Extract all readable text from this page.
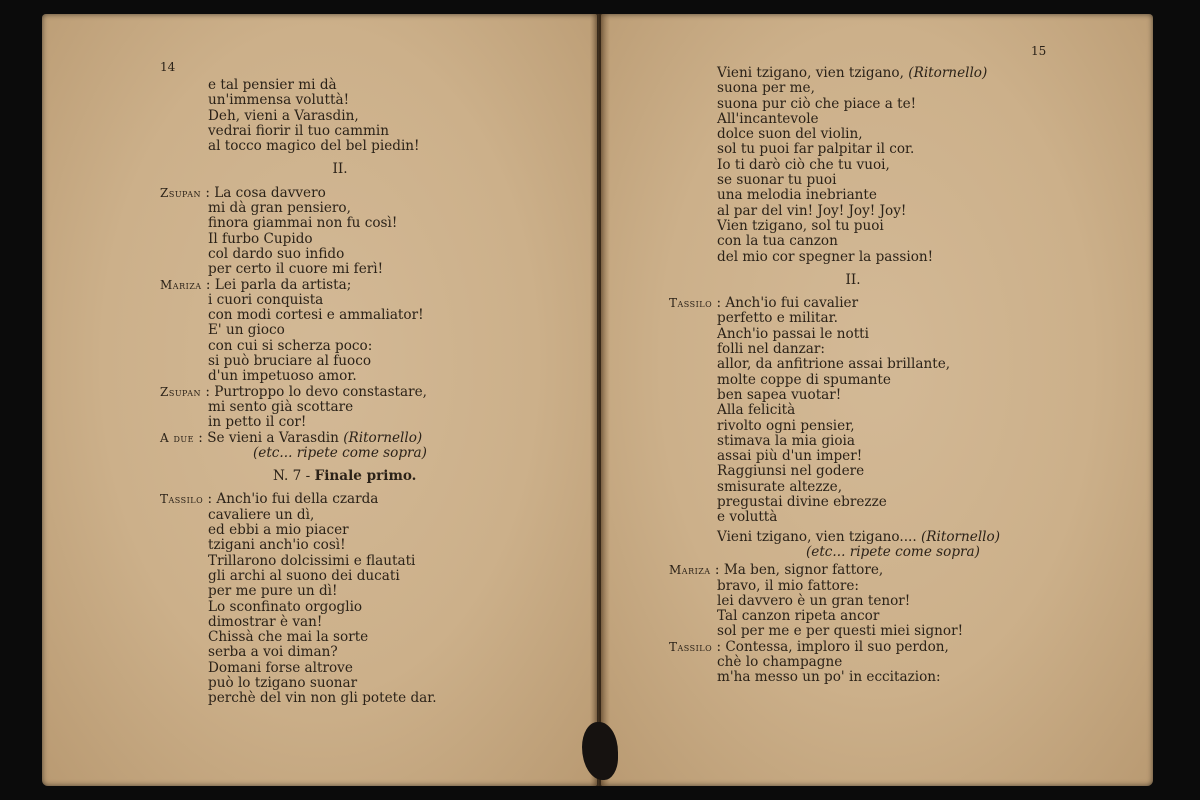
14
e tal pensier mi dà
un'immensa voluttà!
Deh, vieni a Varasdin,
vedrai fiorir il tuo cammin
al tocco magico del bel piedin!
II.
Zsupan : La cosa davvero
mi dà gran pensiero,
finora giammai non fu così!
Il furbo Cupido
col dardo suo infido
per certo il cuore mi ferì!
Mariza : Lei parla da artista;
i cuori conquista
con modi cortesi e ammaliator!
E' un gioco
con cui si scherza poco:
si può bruciare al fuoco
d'un impetuoso amor.
Zsupan : Purtroppo lo devo constastare,
mi sento già scottare
in petto il cor!
A due : Se vieni a Varasdin (Ritornello)
(etc... ripete come sopra)
N. 7 - Finale primo.
Tassilo : Anch'io fui della czarda
cavaliere un dì,
ed ebbi a mio piacer
tzigani anch'io così!
Trillarono dolcissimi e flautati
gli archi al suono dei ducati
per me pure un dì!
Lo sconfinato orgoglio
dimostrar è van!
Chissà che mai la sorte
serba a voi diman?
Domani forse altrove
può lo tzigano suonar
perchè del vin non gli potete dar.
15
Vieni tzigano, vien tzigano, (Ritornello)
suona per me,
suona pur ciò che piace a te!
All'incantevole
dolce suon del violin,
sol tu puoi far palpitar il cor.
Io ti darò ciò che tu vuoi,
se suonar tu puoi
una melodia inebriante
al par del vin! Joy! Joy! Joy!
Vien tzigano, sol tu puoi
con la tua canzon
del mio cor spegner la passion!
II.
Tassilo : Anch'io fui cavalier
perfetto e militar.
Anch'io passai le notti
folli nel danzar:
allor, da anfitrione assai brillante,
molte coppe di spumante
ben sapea vuotar!
Alla felicità
rivolto ogni pensier,
stimava la mia gioia
assai più d'un imper!
Raggiunsi nel godere
smisurate altezze,
pregustai divine ebrezze
e voluttà
Vieni tzigano, vien tzigano.... (Ritornello)
(etc... ripete come sopra)
Mariza : Ma ben, signor fattore,
bravo, il mio fattore:
lei davvero è un gran tenor!
Tal canzon ripeta ancor
sol per me e per questi miei signor!
Tassilo : Contessa, imploro il suo perdon,
chè lo champagne
m'ha messo un po' in eccitazion:
